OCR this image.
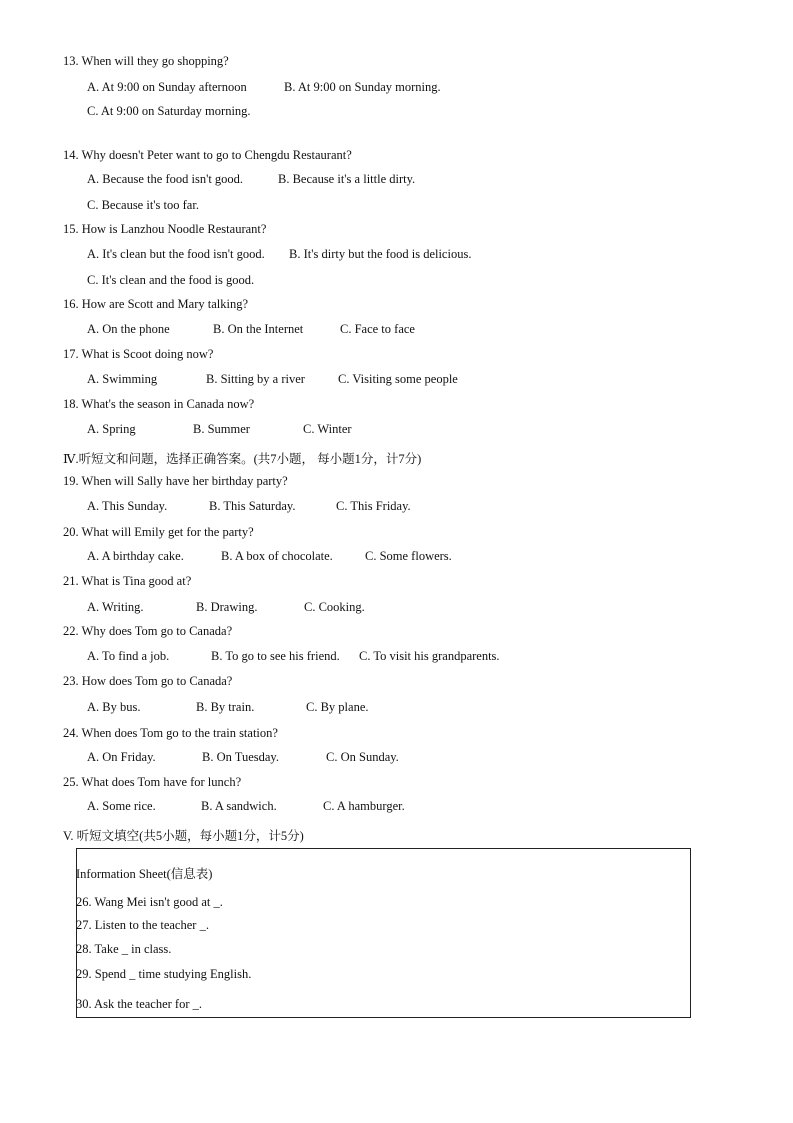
13. When will they go shopping?
A. At 9:00 on Sunday afternoon	B. At 9:00 on Sunday morning.
C. At 9:00 on Saturday morning.
14. Why doesn't Peter want to go to Chengdu Restaurant?
A. Because the food isn't good.	B. Because it's a little dirty.
C. Because it's too far.
15. How is Lanzhou Noodle Restaurant?
A. It's clean but the food isn't good. B. It's dirty but the food is delicious.
C. It's clean and the food is good.
16. How are Scott and Mary talking?
A. On the phone	B. On the Internet	C. Face to face
17. What is Scoot doing now?
A. Swimming	B. Sitting by a river	C. Visiting some people
18. What's the season in Canada now?
A. Spring	B. Summer	C. Winter
Ⅳ.听短文和问题，选择正确答案。(共7小题， 每小题1分，计7分)
19. When will Sally have her birthday party?
A. This Sunday.	B. This Saturday.	C. This Friday.
20. What will Emily get for the party?
A. A birthday cake.	B. A box of chocolate.	C. Some flowers.
21. What is Tina good at?
A. Writing.	B. Drawing.	C. Cooking.
22. Why does Tom go to Canada?
A. To find a job.	B. To go to see his friend. C. To visit his grandparents.
23. How does Tom go to Canada?
A. By bus.	B. By train.	C. By plane.
24. When does Tom go to the train station?
A. On Friday.	B. On Tuesday.	C. On Sunday.
25. What does Tom have for lunch?
A. Some rice.	B. A sandwich.	C. A hamburger.
V. 听短文填空(共5小题，每小题1分，计5分)
Information Sheet(信息表)
26. Wang Mei isn't good at _.
27. Listen to the teacher _.
28. Take _ in class.
29. Spend _ time studying English.
30. Ask the teacher for _.
